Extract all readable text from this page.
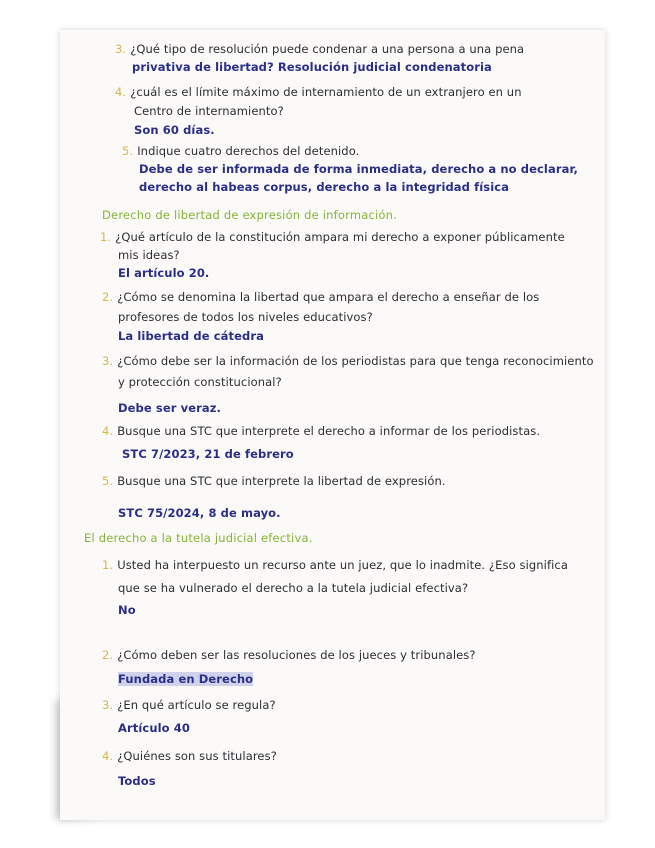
3. ¿Qué tipo de resolución puede condenar a una persona a una pena
privativa de libertad? Resolución judicial condenatoria
4. ¿cuál es el límite máximo de internamiento de un extranjero en un
Centro de internamiento?
Son 60 días.
5. Indique cuatro derechos del detenido.
Debe de ser informada de forma inmediata, derecho a no declarar,
derecho al habeas corpus, derecho a la integridad física
Derecho de libertad de expresión de información.
1. ¿Qué artículo de la constitución ampara mi derecho a exponer públicamente
mis ideas?
El artículo 20.
2. ¿Cómo se denomina la libertad que ampara el derecho a enseñar de los
profesores de todos los niveles educativos?
La libertad de cátedra
3. ¿Cómo debe ser la información de los periodistas para que tenga reconocimiento
y protección constitucional?
Debe ser veraz.
4. Busque una STC que interprete el derecho a informar de los periodistas.
STC 7/2023, 21 de febrero
5. Busque una STC que interprete la libertad de expresión.
STC 75/2024, 8 de mayo.
El derecho a la tutela judicial efectiva.
1. Usted ha interpuesto un recurso ante un juez, que lo inadmite. ¿Eso significa
que se ha vulnerado el derecho a la tutela judicial efectiva?
No
2. ¿Cómo deben ser las resoluciones de los jueces y tribunales?
Fundada en Derecho
3. ¿En qué artículo se regula?
Artículo 40
4. ¿Quiénes son sus titulares?
Todos
